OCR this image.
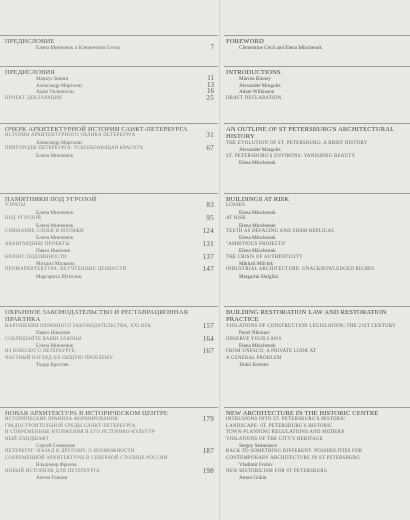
ПРЕДИСЛОВИЕ
Елена Минченок и Клементина Сесил	7
ПРЕДИСЛОВИЯ
Маркус Бинни	11
Александр Марголис	13
Адам Уилкинсон	16
ПРОЕКТ ДЕКЛАРАЦИИ	25
ОЧЕРК АРХИТЕКТУРНОЙ ИСТОРИИ САНКТ-ПЕТЕРБУРГА
ИСТОРИЯ АРХИТЕКТУРНОГО ОБЛИКА ПЕТЕРБУРГА	31
Александр Марголис
ПРИГОРОДЫ ПЕТЕРБУРГА: УСКОЛЬЗАЮЩАЯ КРАСОТА	67
Елена Минченок
ПАМЯТНИКИ ПОД УГРОЗОЙ
УТРАТЫ	83
Елена Минченок
ПОД УГРОЗОЙ	95
Елена Минченок
СНИМАНИЕ СЛОЕВ И МУЛЯЖИ	124
Елена Минченок
АВАНГАРДНЫЕ ПРОЕКТЫ	131
Павел Никонов
КРИЗИС ПОДЛИННОСТИ	137
Михаил Мильчик
ПРОМАРХИТЕКТУРА: НЕУЧТЕННЫЕ ЦЕННОСТИ	147
Маргарита Штиглиц
ОХРАННОЕ ЗАКОНОДАТЕЛЬСТВО И РЕСТАВРАЦИОННАЯ ПРАКТИКА
НАРУШЕНИЯ ОХРАННОГО ЗАКОНОДАТЕЛЬСТВА, XXI ВЕК	157
Павел Никонов
СОБЛЮДАЙТЕ ВАШИ ЗАКОНЫ	164
Елена Минченок
ИЗ ЮНЕСКО О ПЕТЕРБУРГЕ:	167
ЧАСТНЫЙ ВЗГЛЯД НА ОБЩУЮ ПРОБЛЕМУ
Тодор Кростев
НОВАЯ АРХИТЕКТУРА В ИСТОРИЧЕСКОМ ЦЕНТРЕ
ИСТОРИЧЕСКИЕ ПРАВИЛА ФОРМИРОВАНИЯ	179
ГРАДОСТРОИТЕЛЬНОЙ СРЕДЫ САНКТ-ПЕТЕРБУРГА
И СОВРЕМЕННЫЕ ВТОРЖЕНИЯ В ЕГО ИСТОРИКО-КУЛЬТУР-
НЫЙ ЛАНДШАФТ
Сергей Семенцов
ПЕТЕРБУРГ: НАЗАД К ДРУГОМУ, О ВОЗМОЖНОСТИ	187
СОВРЕМЕННОЙ АРХИТЕКТУРЫ В СЕВЕРНОЙ СТОЛИЦЕ РОССИИ
Владимир Фролов
НОВЫЙ ИСТОРИЗМ ДЛЯ ПЕТЕРБУРГА	198
Антон Гликин
FOREWORD
Clementine Cecil and Elena Minchenok
INTRODUCTIONS
Marcus Binney
Alexander Margolis
Adam Wilkinson
DRAFT DECLARATION
AN OUTLINE OF ST PETERSBURG'S ARCHITECTURAL HISTORY
THE EVOLUTION OF ST. PETERSBURG: A BRIEF HISTORY
Alexander Margolis
ST. PETERSBURG'S ENVIRONS: VANISHING BEAUTY
Elena Minchenok
BUILDINGS AT RISK
LOSSES
Elena Minchenok
AT RISK
Elena Minchenok
TEETH AS DEFACING AND SHAM REPLICAS
Elena Minchenok
"AMBITIOUS PROJECTS"
Elena Minchenok
THE CRISIS OF AUTHENTICITY
Mikhail Milchik
INDUSTRIAL ARCHITECTURE: UNACKNOWLEDGED RICHES
Margarita Shtiglitz
BUILDING RESTORATION LAW AND RESTORATION PRACTICE
VIOLATIONS OF CONSTRUCTION LEGISLATION: THE 21ST CENTURY
Pavel Nikonov
OBSERVE YOUR LAWS
Elena Minchenok
FROM UNESCO: A PRIVATE LOOK AT
A GENERAL PROBLEM
Todor Krestev
NEW ARCHITECTURE IN THE HISTORIC CENTRE
INTRUSIONS INTO ST. PETERSBURG'S HISTORIC
LANDSCAPE: ST. PETERSBURG'S HISTORIC
TOWN-PLANNING REGULATIONS AND MODERN
VIOLATIONS OF THE CITY'S HERITAGE
Sergey Sementsov
BACK TO SOMETHING DIFFERENT: POSSIBILITIES FOR
CONTEMPORARY ARCHITECTURE IN ST PETERSBURG
Vladimir Frolov
NEW HISTORICISM FOR ST PETERSBURG
Anton Glikin
